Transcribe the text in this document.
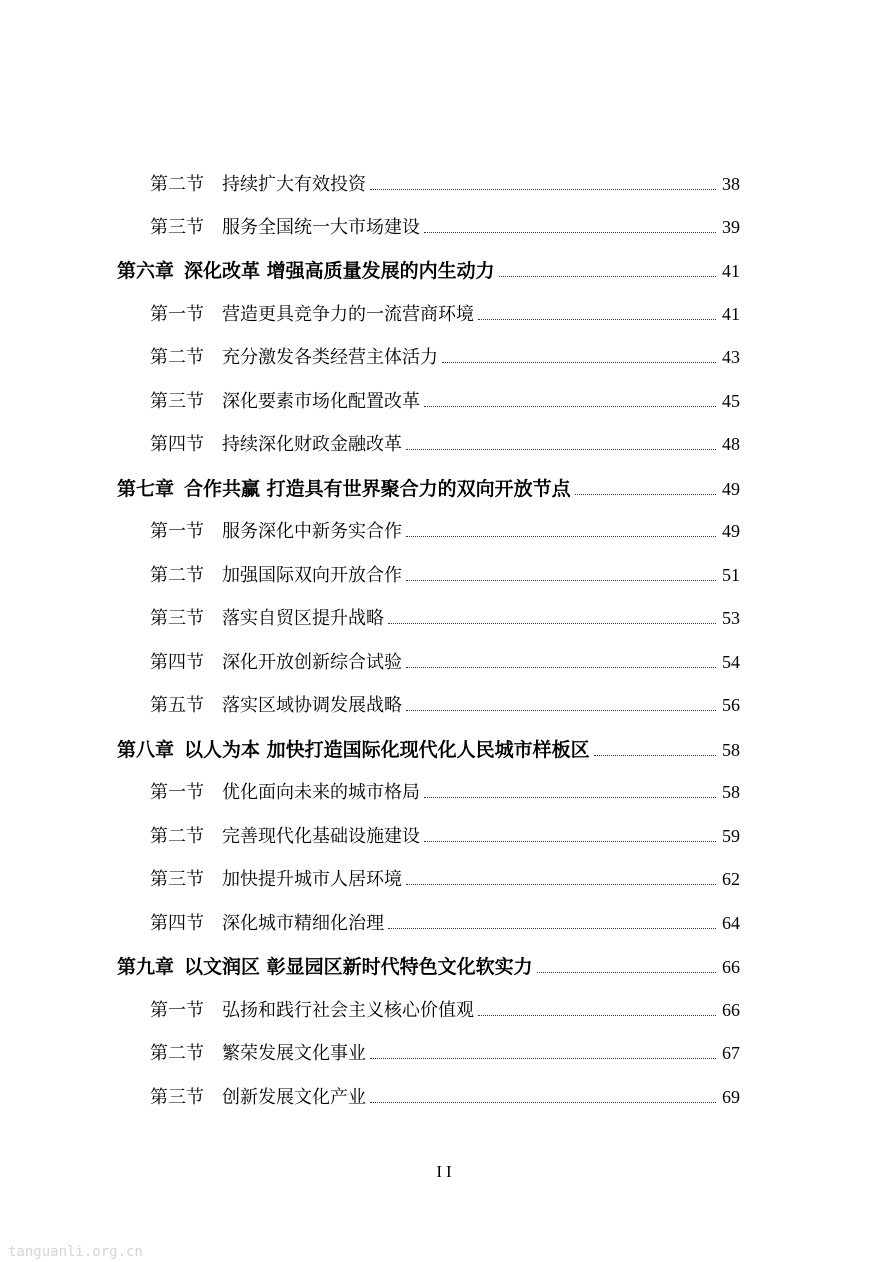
第二节 持续扩大有效投资	38
第三节 服务全国统一大市场建设	39
第六章 深化改革 增强高质量发展的内生动力	41
第一节 营造更具竞争力的一流营商环境	41
第二节 充分激发各类经营主体活力	43
第三节 深化要素市场化配置改革	45
第四节 持续深化财政金融改革	48
第七章 合作共赢 打造具有世界聚合力的双向开放节点	49
第一节 服务深化中新务实合作	49
第二节 加强国际双向开放合作	51
第三节 落实自贸区提升战略	53
第四节 深化开放创新综合试验	54
第五节 落实区域协调发展战略	56
第八章 以人为本 加快打造国际化现代化人民城市样板区	58
第一节 优化面向未来的城市格局	58
第二节 完善现代化基础设施建设	59
第三节 加快提升城市人居环境	62
第四节 深化城市精细化治理	64
第九章 以文润区 彰显园区新时代特色文化软实力	66
第一节 弘扬和践行社会主义核心价值观	66
第二节 繁荣发展文化事业	67
第三节 创新发展文化产业	69
II
tanguanli.org.cn
